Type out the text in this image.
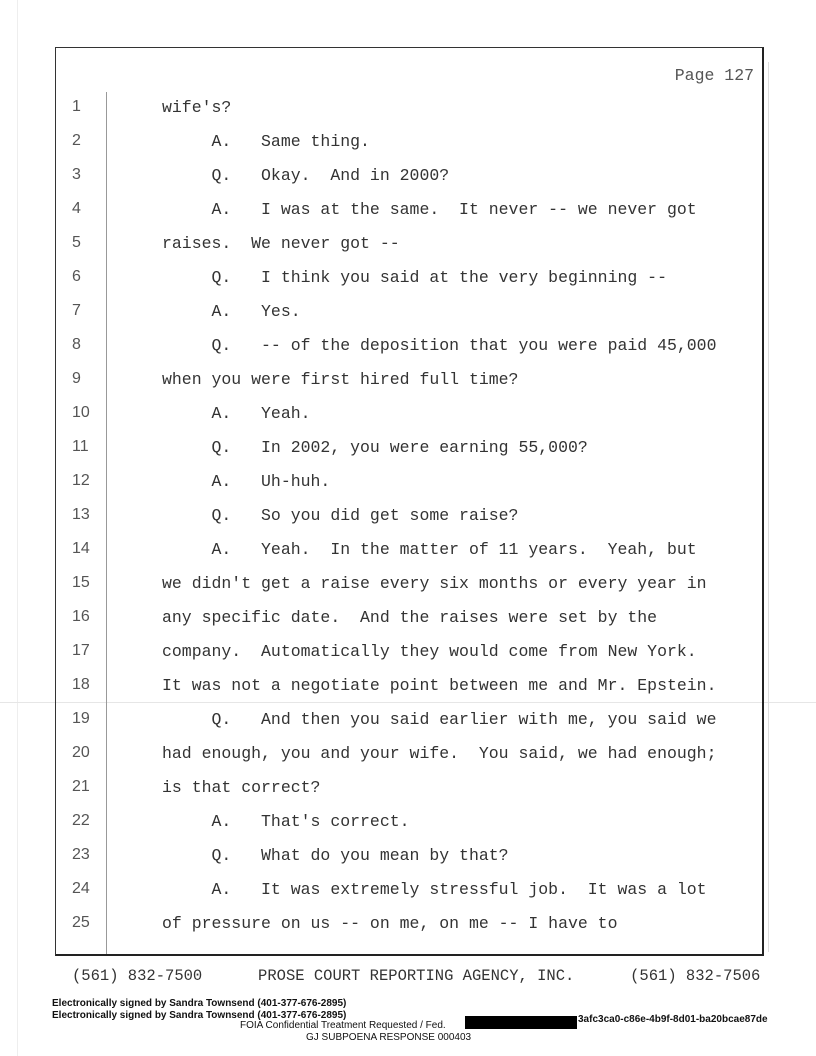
Page 127
1	wife's?
2	A.   Same thing.
3	Q.   Okay.  And in 2000?
4	A.   I was at the same.  It never -- we never got
5	raises.  We never got --
6	Q.   I think you said at the very beginning --
7	A.   Yes.
8	Q.   -- of the deposition that you were paid 45,000
9	when you were first hired full time?
10	A.   Yeah.
11	Q.   In 2002, you were earning 55,000?
12	A.   Uh-huh.
13	Q.   So you did get some raise?
14	A.   Yeah.  In the matter of 11 years.  Yeah, but
15	we didn't get a raise every six months or every year in
16	any specific date.  And the raises were set by the
17	company.  Automatically they would come from New York.
18	It was not a negotiate point between me and Mr. Epstein.
19	Q.   And then you said earlier with me, you said we
20	had enough, you and your wife.  You said, we had enough;
21	is that correct?
22	A.   That's correct.
23	Q.   What do you mean by that?
24	A.   It was extremely stressful job.  It was a lot
25	of pressure on us -- on me, on me -- I have to
(561) 832-7500	PROSE COURT REPORTING AGENCY, INC.	(561) 832-7506
Electronically signed by Sandra Townsend (401-377-676-2895)
Electronically signed by Sandra Townsend (401-377-676-2895)
FOIA Confidential Treatment Requested / Fed.
3afc3ca0-c86e-4b9f-8d01-ba20bcae87de
GJ SUBPOENA RESPONSE 000403
